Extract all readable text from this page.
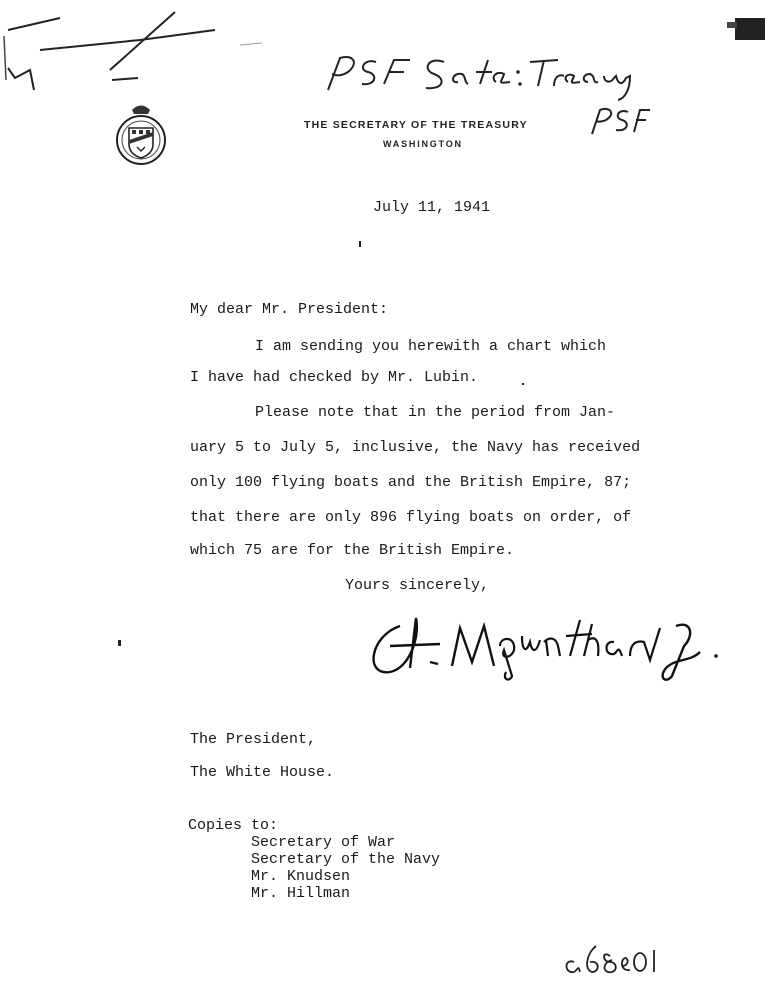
THE SECRETARY OF THE TREASURY
WASHINGTON
July 11, 1941
My dear Mr. President:
I am sending you herewith a chart which
I have had checked by Mr. Lubin.
Please note that in the period from Jan-
uary 5 to July 5, inclusive, the Navy has received
only 100 flying boats and the British Empire, 87;
that there are only 896 flying boats on order, of
which 75 are for the British Empire.
Yours sincerely,
The President,
The White House.
Copies to:
Secretary of War
Secretary of the Navy
Mr. Knudsen
Mr. Hillman
